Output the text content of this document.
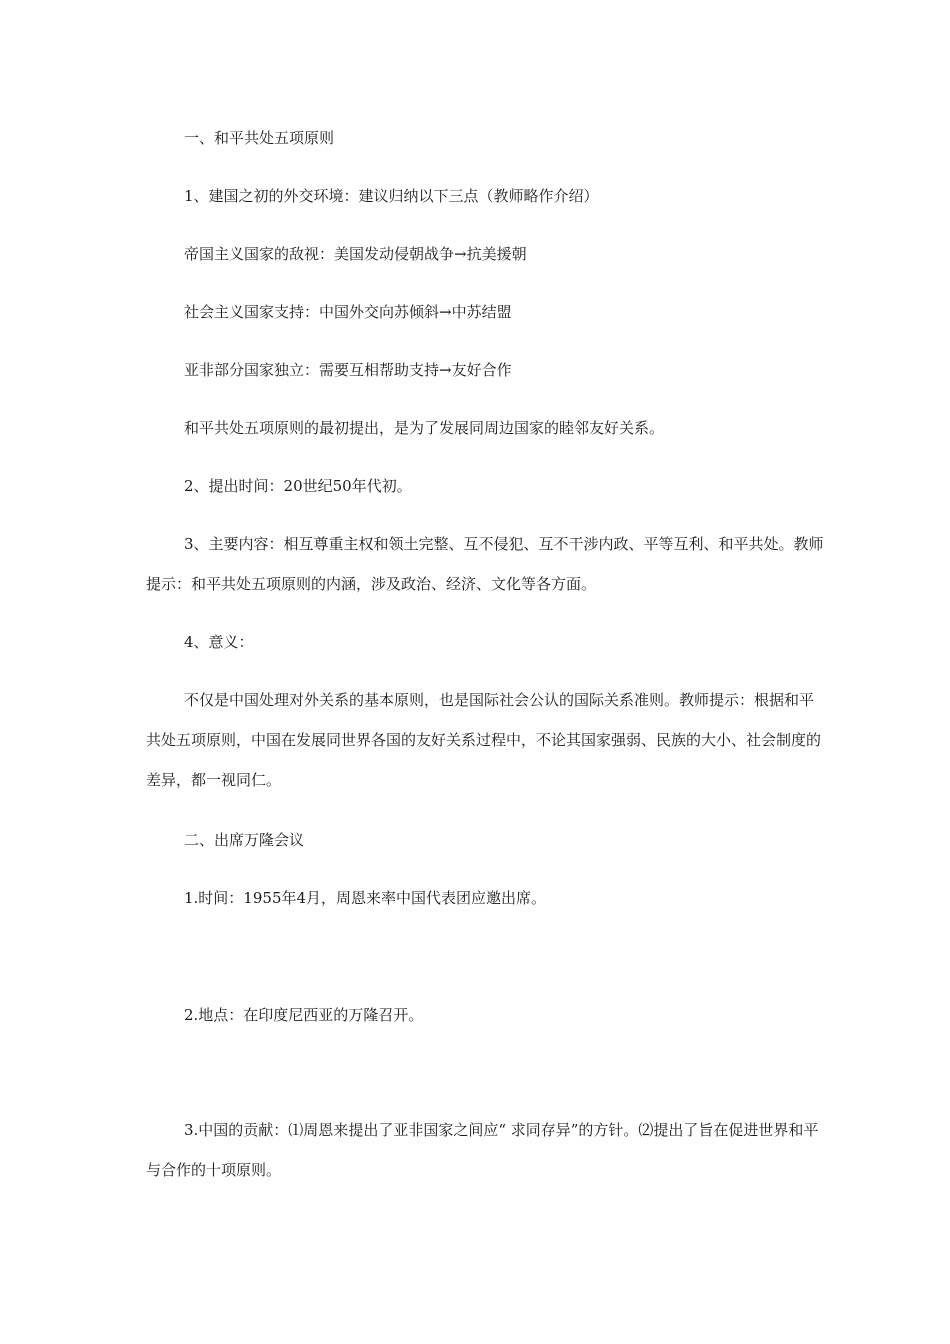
一、和平共处五项原则
1、建国之初的外交环境：建议归纳以下三点（教师略作介绍）
帝国主义国家的敌视：美国发动侵朝战争→抗美援朝
社会主义国家支持：中国外交向苏倾斜→中苏结盟
亚非部分国家独立：需要互相帮助支持→友好合作
和平共处五项原则的最初提出，是为了发展同周边国家的睦邻友好关系。
2、提出时间：20世纪50年代初。
3、主要内容：相互尊重主权和领土完整、互不侵犯、互不干涉内政、平等互利、和平共处。教师提示：和平共处五项原则的内涵，涉及政治、经济、文化等各方面。
4、意义：
不仅是中国处理对外关系的基本原则，也是国际社会公认的国际关系准则。教师提示：根据和平共处五项原则，中国在发展同世界各国的友好关系过程中，不论其国家强弱、民族的大小、社会制度的差异，都一视同仁。
二、出席万隆会议
1.时间：1955年4月，周恩来率中国代表团应邀出席。
2.地点：在印度尼西亚的万隆召开。
3.中国的贡献：⑴周恩来提出了亚非国家之间应“ 求同存异”的方针。⑵提出了旨在促进世界和平与合作的十项原则。
